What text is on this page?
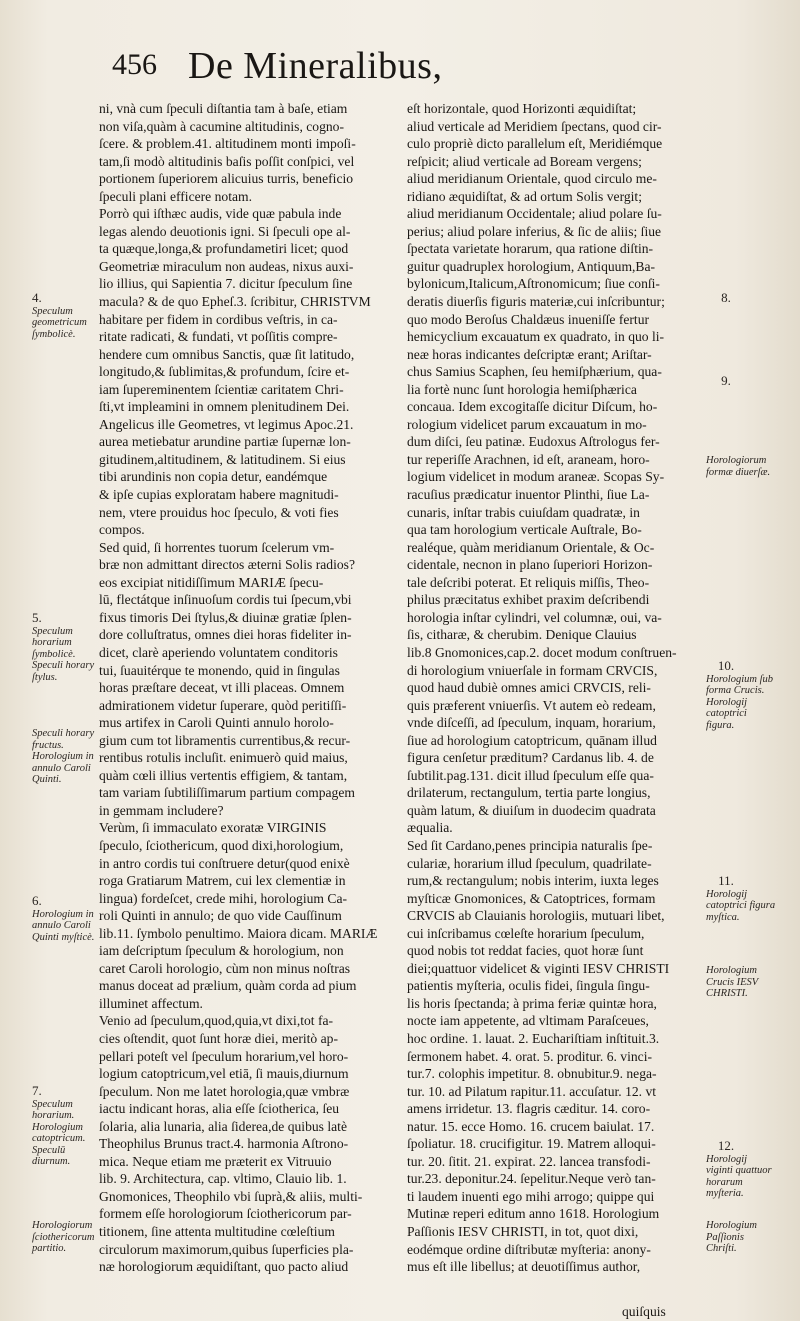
456 De Mineralibus,
ni, vnà cum ſpeculi diſtantia tam à baſe, etiam
non viſa,quàm à cacumine altitudinis, cogno-
ſcere. & problem.41. altitudinem monti impoſi-
tam,ſi modò altitudinis baſis poſſit conſpici, vel
portionem ſuperiorem alicuius turris, beneficio
ſpeculi plani efficere notam.
Porrò qui iſthæc audis, vide quæ pabula inde
legas alendo deuotionis igni. Si ſpeculi ope al-
ta quæque,longa,& profundametiri licet; quod
Geometriæ miraculum non audeas, nixus auxi-
lio illius, qui Sapientia 7. dicitur ſpeculum ſine
macula? & de quo Epheſ.3. ſcribitur, CHRISTVM
habitare per fidem in cordibus veſtris, in ca-
ritate radicati, & fundati, vt poſſitis compre-
hendere cum omnibus Sanctis, quæ ſit latitudo,
longitudo,& ſublimitas,& profundum, ſcire et-
iam ſupereminentem ſcientiæ caritatem Chri-
ſti,vt impleamini in omnem plenitudinem Dei.
Angelicus ille Geometres, vt legimus Apoc.21.
aurea metiebatur arundine partiæ ſupernæ lon-
gitudinem,altitudinem, & latitudinem. Si eius
tibi arundinis non copia detur, eandémque
& ipſe cupias exploratam habere magnitudi-
nem, vtere prouidus hoc ſpeculo, & voti fies
compos.
Sed quid, ſi horrentes tuorum ſcelerum vm-
bræ non admittant directos æterni Solis radios?
eos excipiat nitidiſſimum MARIÆ ſpecu-
lū, flectátque inſinuoſum cordis tui ſpecum,vbi
fixus timoris Dei ſtylus,& diuinæ gratiæ ſplen-
dore colluſtratus, omnes diei horas fideliter in-
dicet, clarè aperiendo voluntatem conditoris
tui, ſuauitérque te monendo, quid in ſingulas
horas præſtare deceat, vt illi placeas. Omnem
admirationem videtur ſuperare, quòd peritiſſi-
mus artifex in Caroli Quinti annulo horolo-
gium cum tot libramentis currentibus,& recur-
rentibus rotulis incluſit. enimuerò quid maius,
quàm cœli illius vertentis effigiem, & tantam,
tam variam ſubtiliſſimarum partium compagem
in gemmam includere?
Verùm, ſi immaculato exoratæ VIRGINIS
ſpeculo, ſciothericum, quod dixi,horologium,
in antro cordis tui conſtruere detur(quod enixè
roga Gratiarum Matrem, cui lex clementiæ in
lingua) fordeſcet, crede mihi, horologium Ca-
roli Quinti in annulo; de quo vide Cauſſinum
lib.11. ſymbolo penultimo. Maiora dicam. MARIÆ
iam deſcriptum ſpeculum & horologium, non
caret Caroli horologio, cùm non minus noſtras
manus doceat ad prælium, quàm corda ad pium
illuminet affectum.
Venio ad ſpeculum,quod,quia,vt dixi,tot fa-
cies oſtendit, quot ſunt horæ diei, meritò ap-
pellari poteſt vel ſpeculum horarium,vel horo-
logium catoptricum,vel etiā, ſi mauis,diurnum
ſpeculum. Non me latet horologia,quæ vmbræ
iactu indicant horas, alia eſſe ſciotherica, ſeu
ſolaria, alia lunaria, alia ſiderea,de quibus latè
Theophilus Brunus tract.4. harmonia Aſtrono-
mica. Neque etiam me præterit ex Vitruuio
lib. 9. Architectura, cap. vltimo, Clauio lib. 1.
Gnomonices, Theophilo vbi ſuprà,& aliis, multi-
formem eſſe horologiorum ſciothericorum par-
titionem, ſine attenta multitudine cœleſtium
circulorum maximorum,quibus ſuperficies pla-
næ horologiorum æquidiſtant, quo pacto aliud
eſt horizontale, quod Horizonti æquidiſtat;
aliud verticale ad Meridiem ſpectans, quod cir-
culo propriè dicto parallelum eſt, Meridiémque
reſpicit; aliud verticale ad Boream vergens;
aliud meridianum Orientale, quod circulo me-
ridiano æquidiſtat, & ad ortum Solis vergit;
aliud meridianum Occidentale; aliud polare ſu-
perius; aliud polare inferius, & ſic de aliis; ſiue
ſpectata varietate horarum, qua ratione diſtin-
guitur quadruplex horologium, Antiquum,Ba-
bylonicum,Italicum,Aſtronomicum; ſiue conſi-
deratis diuerſis figuris materiæ,cui inſcribuntur;
quo modo Beroſus Chaldæus inueniſſe fertur
hemicyclium excauatum ex quadrato, in quo li-
neæ horas indicantes deſcriptæ erant; Ariſtar-
chus Samius Scaphen, ſeu hemiſphærium, qua-
lia fortè nunc ſunt horologia hemiſphærica
concaua. Idem excogitaſſe dicitur Diſcum, ho-
rologium videlicet parum excauatum in mo-
dum diſci, ſeu patinæ. Eudoxus Aſtrologus fer-
tur reperiſſe Arachnen, id eſt, araneam, horo-
logium videlicet in modum araneæ. Scopas Sy-
racuſius prædicatur inuentor Plinthi, ſiue La-
cunaris, inſtar trabis cuiuſdam quadratæ, in
qua tam horologium verticale Auſtrale, Bo-
realéque, quàm meridianum Orientale, & Oc-
cidentale, necnon in plano ſuperiori Horizon-
tale deſcribi poterat. Et reliquis miſſis, Theo-
philus præcitatus exhibet praxim deſcribendi
horologia inſtar cylindri, vel columnæ, oui, va-
ſis, citharæ, & cherubim. Denique Clauius
lib.8 Gnomonices,cap.2. docet modum conſtruen-
di horologium vniuerſale in formam CRVCIS,
quod haud dubiè omnes amici CRVCIS, reli-
quis præferent vniuerſis. Vt autem eò redeam,
vnde diſceſſi, ad ſpeculum, inquam, horarium,
ſiue ad horologium catoptricum, quānam illud
figura cenſetur præditum? Cardanus lib. 4. de
ſubtilit.pag.131. dicit illud ſpeculum eſſe qua-
drilaterum, rectangulum, tertia parte longius,
quàm latum, & diuiſum in duodecim quadrata
æqualia.
Sed ſit Cardano,penes principia naturalis ſpe-
culariæ, horarium illud ſpeculum, quadrilate-
rum,& rectangulum; nobis interim, iuxta leges
myſticæ Gnomonices, & Catoptrices, formam
CRVCIS ab Clauianis horologiis, mutuari libet,
cui inſcribamus cœleſte horarium ſpeculum,
quod nobis tot reddat facies, quot horæ ſunt
diei;quattuor videlicet & viginti IESV CHRISTI
patientis myſteria, oculis fidei, ſingula ſingu-
lis horis ſpectanda; à prima feriæ quintæ hora,
nocte iam appetente, ad vltimam Paraſceues,
hoc ordine. 1. lauat. 2. Euchariſtiam inſtituit.3.
ſermonem habet. 4. orat. 5. proditur. 6. vinci-
tur.7. colophis impetitur. 8. obnubitur.9. nega-
tur. 10. ad Pilatum rapitur.11. accuſatur. 12. vt
amens irridetur. 13. flagris cæditur. 14. coro-
natur. 15. ecce Homo. 16. crucem baiulat. 17.
ſpoliatur. 18. crucifigitur. 19. Matrem alloqui-
tur. 20. ſitit. 21. expirat. 22. lancea transfodi-
tur.23. deponitur.24. ſepelitur.Neque verò tan-
ti laudem inuenti ego mihi arrogo; quippe qui
Mutinæ reperi editum anno 1618. Horologium
Paſſionis IESV CHRISTI, in tot, quot dixi,
eodémque ordine diſtributæ myſteria: anony-
mus eſt ille libellus; at deuotiſſimus author,
4.
Speculum geometricum ſymbolicè.
5.
Speculum horarium ſymbolicè. Speculi horary ſtylus.
Speculi horary fructus. Horologium in annulo Caroli Quinti.
6.
Horologium in annulo Caroli Quinti myſticè.
7.
Speculum horarium. Horologium catoptricum. Speculū diurnum.
Horologiorum ſciothericorum partitio.
8.
9.
Horologiorum formæ diuerſæ.
10.
Horologium ſub forma Crucis. Horologij catoptrici figura.
11.
Horologij catoptrici figura myſtica.
Horologium Crucis IESV CHRISTI.
12.
Horologij viginti quattuor horarum myſteria.
Horologium Paſſionis Chriſti.
quiſquis
